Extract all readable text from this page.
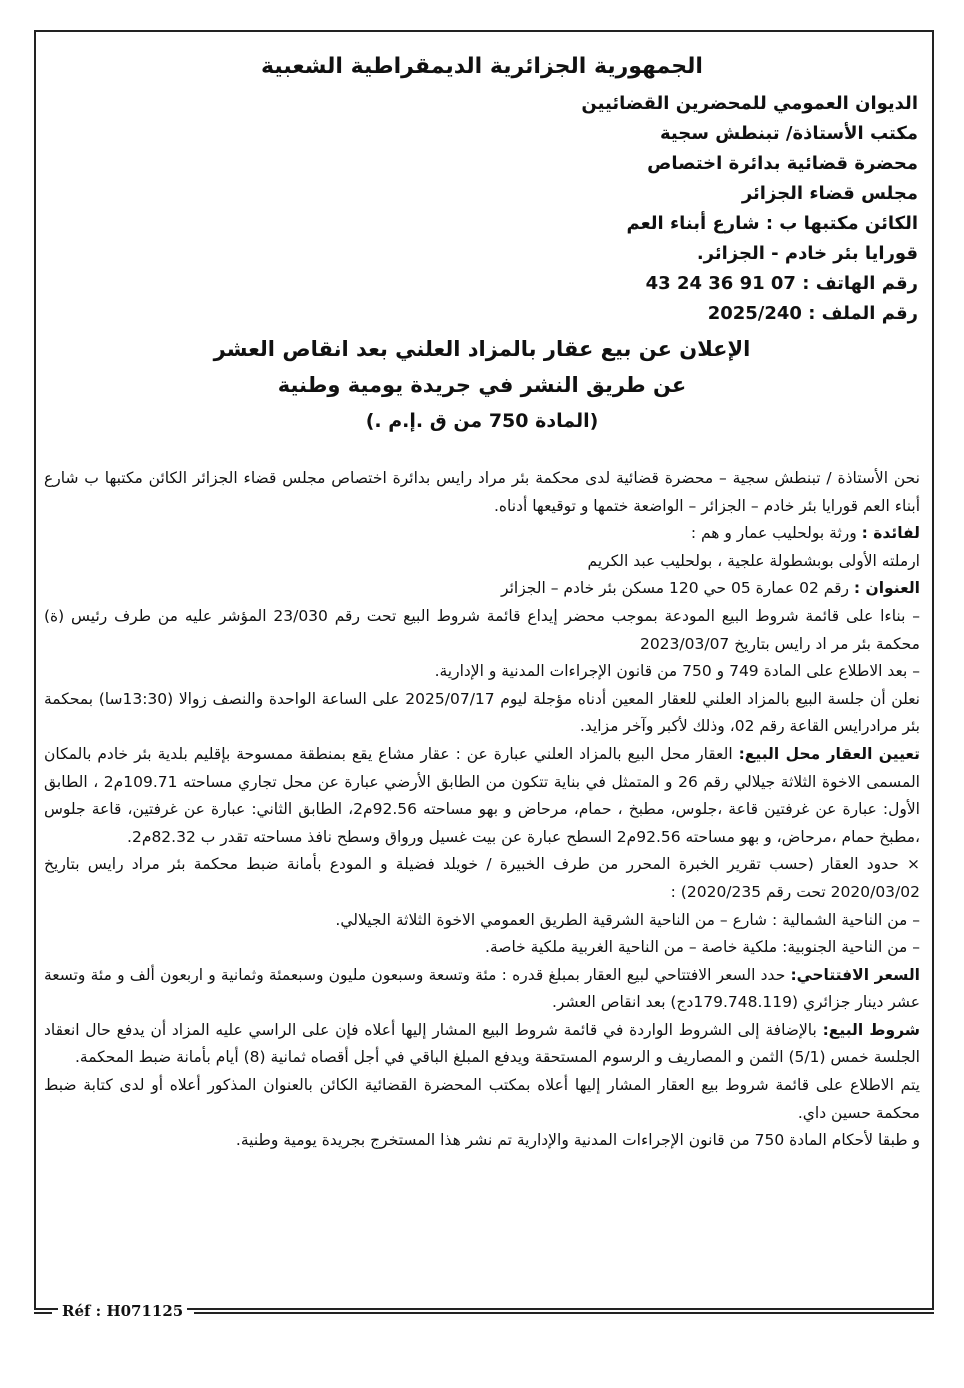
الجمهورية الجزائرية الديمقراطية الشعبية
الديوان العمومي للمحضرين القضائيين
مكتب الأستاذة/ تبنطش سجية
محضرة قضائية بدائرة اختصاص
مجلس قضاء الجزائر
الكائن مكتبها ب : شارع أبناء العم
قورايا بئر خادم - الجزائر.
رقم الهاتف : 43 24 36 91 07
رقم الملف : 2025/240
الإعلان عن بيع عقار بالمزاد العلني بعد انقاص العشر
عن طريق النشر في جريدة يومية وطنية
(المادة 750 من ق .إ.م .)

نحن الأستاذة / تبنطش سجية – محضرة قضائية لدى محكمة بئر مراد رايس بدائرة اختصاص مجلس قضاء الجزائر الكائن مكتبها ب شارع أبناء العم قورايا بئر خادم – الجزائر – الواضعة ختمها و توقيعها أدناه.

لفائدة : ورثة بولحليب عمار و هم :

ارملته الأولى بوبشطولة علجية ، بولحليب عبد الكريم

العنوان : رقم 02 عمارة 05 حي 120 مسكن بئر خادم – الجزائر

– بناءا على قائمة شروط البيع المودعة بموجب محضر إيداع قائمة شروط البيع تحت رقم 23/030 المؤشر عليه من طرف رئيس (ة) محكمة بئر مر اد رايس بتاريخ 2023/03/07

– بعد الاطلاع على المادة 749 و 750 من قانون الإجراءات المدنية و الإدارية.

نعلن أن جلسة البيع بالمزاد العلني للعقار المعين أدناه مؤجلة ليوم 2025/07/17 على الساعة الواحدة والنصف زوالا (13:30سا) بمحكمة بئر مرادرايس القاعة رقم 02، وذلك لأكبر وآخر مزايد.

تعيين العقار محل البيع: العقار محل البيع بالمزاد العلني عبارة عن : عقار مشاع يقع بمنطقة ممسوحة بإقليم بلدية بئر خادم بالمكان المسمى الاخوة الثلاثة جيلالي رقم 26 و المتمثل في بناية تتكون من الطابق الأرضي عبارة عن محل تجاري مساحته 109.71م2 ، الطابق الأول: عبارة عن غرفتين قاعة ،جلوس، مطبخ ، حمام، مرحاض و بهو مساحته 92.56م2، الطابق الثاني: عبارة عن غرفتين، قاعة جلوس ،مطبخ حمام ،مرحاض، و بهو مساحته 92.56م2 السطح عبارة عن بيت غسيل ورواق وسطح نافذ مساحته تقدر ب 82.32م2.

× حدود العقار (حسب تقرير الخبرة المحرر من طرف الخبيرة / خويلد فضيلة و المودع بأمانة ضبط محكمة بئر مراد رايس بتاريخ 2020/03/02 تحت رقم 2020/235) :

– من الناحية الشمالية : شارع – من الناحية الشرقية الطريق العمومي الاخوة الثلاثة الجيلالي.

– من الناحية الجنوبية: ملكية خاصة – من الناحية الغربية ملكية خاصة.

السعر الافتتاحي: حدد السعر الافتتاحي لبيع العقار بمبلغ قدره : مئة وتسعة وسبعون مليون وسبعمئة وثمانية و اربعون ألف و مئة وتسعة عشر دينار جزائري (179.748.119دج) بعد انقاص العشر.

شروط البيع: بالإضافة إلى الشروط الواردة في قائمة شروط البيع المشار إليها أعلاه فإن على الراسي عليه المزاد أن يدفع حال انعقاد الجلسة خمس (5/1) الثمن و المصاريف و الرسوم المستحقة ويدفع المبلغ الباقي في أجل أقصاه ثمانية (8) أيام بأمانة ضبط المحكمة.

يتم الاطلاع على قائمة شروط بيع العقار المشار إليها أعلاه بمكتب المحضرة القضائية الكائن بالعنوان المذكور أعلاه أو لدى كتابة ضبط محكمة حسين داي.

و طبقا لأحكام المادة 750 من قانون الإجراءات المدنية والإدارية تم نشر هذا المستخرج بجريدة يومية وطنية.

Réf : H071125
